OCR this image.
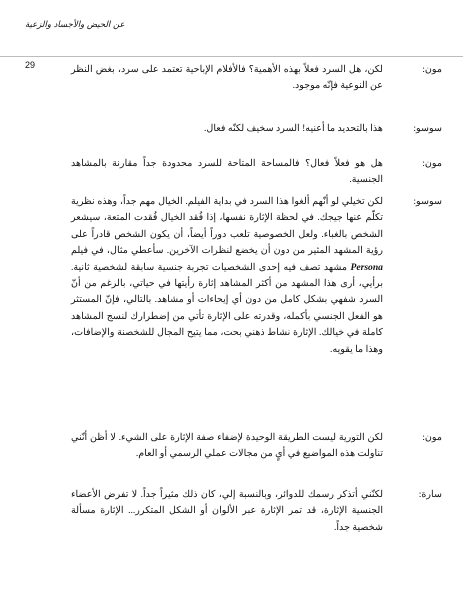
عن الحيض والأجساد والزعية
29	مون:
لكن، هل السرد فعلاً بهذه الأهمية؟ فالأفلام الإباحية تعتمد على سرد، بغض النظر عن النوعية فإنّه موجود.
سوسو:
هذا بالتحديد ما أعنيه! السرد سخيف لكنّه فعال.
مون:
هل هو فعلاً فعال؟ فالمساحة المتاحة للسرد محدودة جداً مقارنة بالمشاهد الجنسية.
سوسو:
لكن تخيلي لو أنّهم ألغوا هذا السرد في بداية الفيلم. الخيال مهم جداً، وهذه نظرية تكلّم عنها جيجك. في لحظة الإثارة نفسها، إذا فُقد الخيال فُقدت المتعة، سيشعر الشخص بالغباء. ولعل الخصوصية تلعب دوراً أيضاً، أن يكون الشخص قادراً على رؤية المشهد المثير من دون أن يخضع لنظرات الآخرين. سأعطي مثال، في فيلم Persona مشهد تصف فيه إحدى الشخصيات تجربة جنسية سابقة لشخصية ثانية. برأيي، أرى هذا المشهد من أكثر المشاهد إثارة رأيتها في حياتي، بالرغم من أنّ السرد شفهي بشكل كامل من دون أي إيحاءات أو مشاهد. بالتالي، فإنّ المستثر هو الفعل الجنسي بأكمله، وقدرته على الإثارة تأتي من إضطرارك لنسج المشاهد كاملة في خيالك. الإثارة نشاط ذهني بحت، مما يتيح المجال للشخصنة والإضافات، وهذا ما يقويه.
مون:
لكن التورية ليست الطريقة الوحيدة لإضفاء صفة الإثارة على الشيء. لا أظن أنّني تناولت هذه المواضيع في أيٍ من مجالات عملي الرسمي أو العام.
سارة:
لكنّني أتذكر رسمك للدوائر، وبالنسبة إلي، كان ذلك مثيراً جداً. لا تفرض الأعضاء الجنسية الإثارة، قد تمر الإثارة عبر الألوان أو الشكل المتكرر... الإثارة مسألة شخصية جداً.
